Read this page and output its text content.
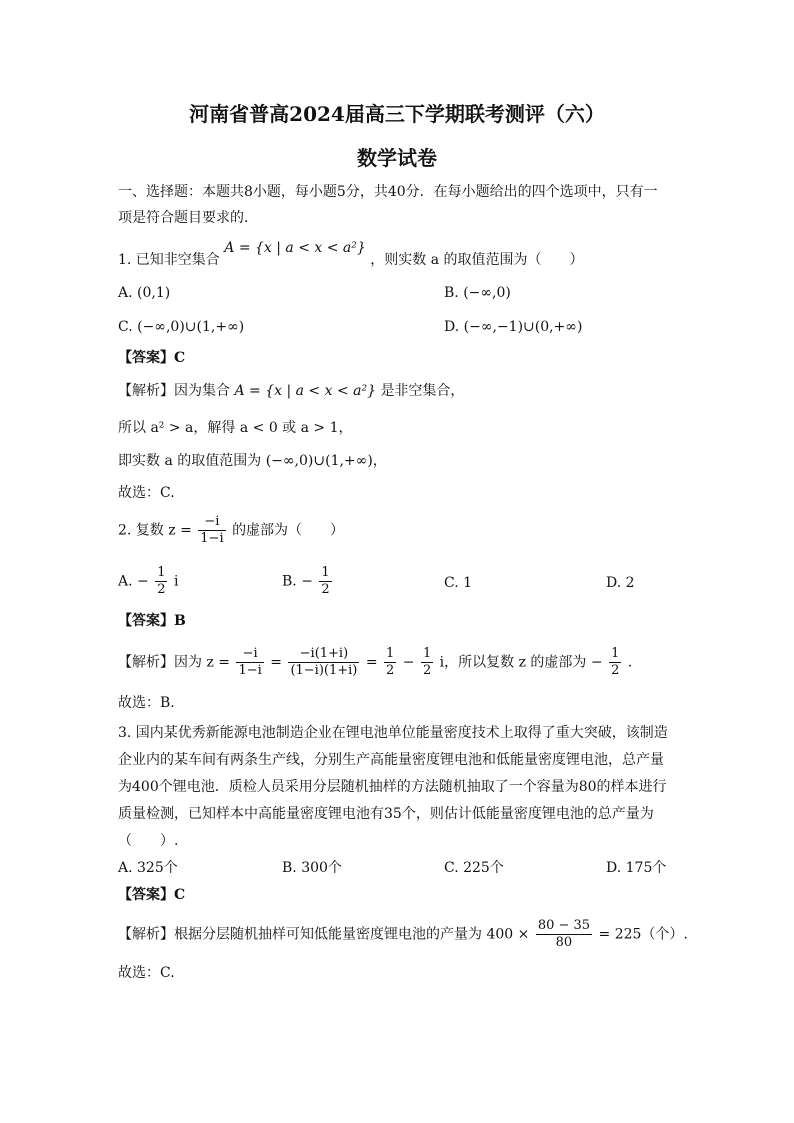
河南省普高2024届高三下学期联考测评（六）
数学试卷
一、选择题：本题共8小题，每小题5分，共40分．在每小题给出的四个选项中，只有一
项是符合题目要求的．
1. 已知非空集合 A = {x | a < x < a²} ，则实数 a 的取值范围为（　　）
A. (0,1)	B. (−∞,0)
C. (−∞,0)∪(1,+∞)	D. (−∞,−1)∪(0,+∞)
【答案】C
【解析】因为集合 A = {x | a < x < a²} 是非空集合，
所以 a² > a，解得 a < 0 或 a > 1，
即实数 a 的取值范围为 (−∞,0)∪(1,+∞)，
故选：C.
2. 复数 $z = \frac{-i}{1-i}$ 的虚部为（　　）
A. − $\frac{1}{2}$ i	B. − $\frac{1}{2}$	C. 1	D. 2
【答案】B
【解析】因为 $z = \frac{-i}{1-i} = \frac{-i(1+i)}{(1-i)(1+i)} = \frac{1}{2} - \frac{1}{2}$ i，所以复数 z 的虚部为 − $\frac{1}{2}$ .
故选：B.
3. 国内某优秀新能源电池制造企业在锂电池单位能量密度技术上取得了重大突破，该制造
企业内的某车间有两条生产线，分别生产高能量密度锂电池和低能量密度锂电池，总产量
为400个锂电池．质检人员采用分层随机抽样的方法随机抽取了一个容量为80的样本进行
质量检测，已知样本中高能量密度锂电池有35个，则估计低能量密度锂电池的总产量为
（　　）.
A. 325个	B. 300个	C. 225个	D. 175个
【答案】C
【解析】根据分层随机抽样可知低能量密度锂电池的产量为 $400 \times \frac{80 - 35}{80} = 225$（个）.
故选：C.
